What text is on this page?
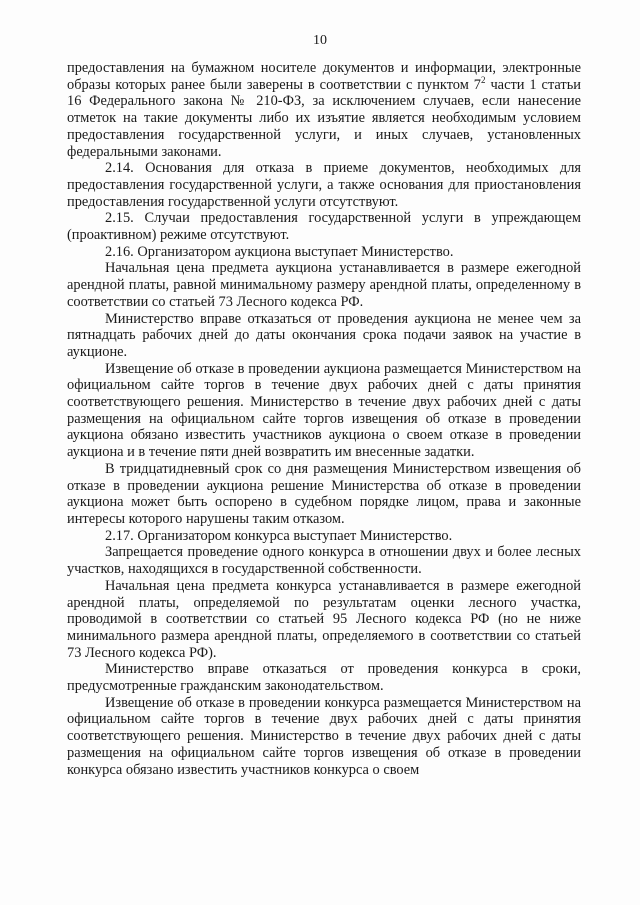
10

предоставления на бумажном носителе документов и информации, электронные образы которых ранее были заверены в соответствии с пунктом $7^2$ части 1 статьи 16 Федерального закона № 210-ФЗ, за исключением случаев, если нанесение отметок на такие документы либо их изъятие является необходимым условием предоставления государственной услуги, и иных случаев, установленных федеральными законами.

2.14. Основания для отказа в приеме документов, необходимых для предоставления государственной услуги, а также основания для приостановления предоставления государственной услуги отсутствуют.

2.15. Случаи предоставления государственной услуги в упреждающем (проактивном) режиме отсутствуют.

2.16. Организатором аукциона выступает Министерство.

Начальная цена предмета аукциона устанавливается в размере ежегодной арендной платы, равной минимальному размеру арендной платы, определенному в соответствии со статьей 73 Лесного кодекса РФ.

Министерство вправе отказаться от проведения аукциона не менее чем за пятнадцать рабочих дней до даты окончания срока подачи заявок на участие в аукционе.

Извещение об отказе в проведении аукциона размещается Министерством на официальном сайте торгов в течение двух рабочих дней с даты принятия соответствующего решения. Министерство в течение двух рабочих дней с даты размещения на официальном сайте торгов извещения об отказе в проведении аукциона обязано известить участников аукциона о своем отказе в проведении аукциона и в течение пяти дней возвратить им внесенные задатки.

В тридцатидневный срок со дня размещения Министерством извещения об отказе в проведении аукциона решение Министерства об отказе в проведении аукциона может быть оспорено в судебном порядке лицом, права и законные интересы которого нарушены таким отказом.

2.17. Организатором конкурса выступает Министерство.

Запрещается проведение одного конкурса в отношении двух и более лесных участков, находящихся в государственной собственности.

Начальная цена предмета конкурса устанавливается в размере ежегодной арендной платы, определяемой по результатам оценки лесного участка, проводимой в соответствии со статьей 95 Лесного кодекса РФ (но не ниже минимального размера арендной платы, определяемого в соответствии со статьей 73 Лесного кодекса РФ).

Министерство вправе отказаться от проведения конкурса в сроки, предусмотренные гражданским законодательством.

Извещение об отказе в проведении конкурса размещается Министерством на официальном сайте торгов в течение двух рабочих дней с даты принятия соответствующего решения. Министерство в течение двух рабочих дней с даты размещения на официальном сайте торгов извещения об отказе в проведении конкурса обязано известить участников конкурса о своем
